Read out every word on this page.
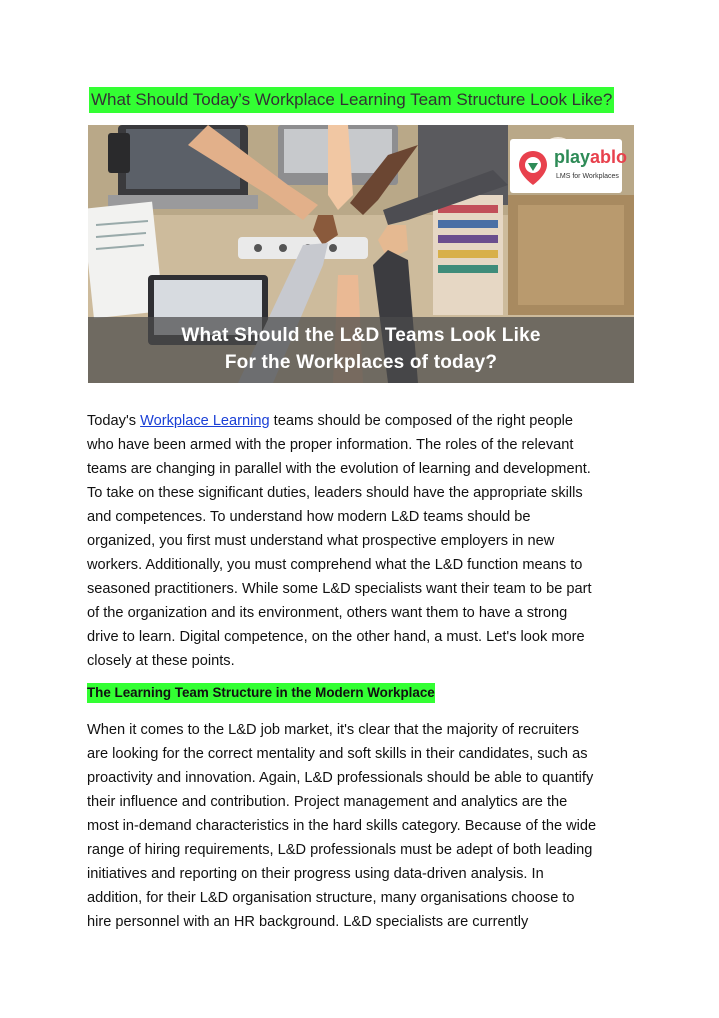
What Should Today’s Workplace Learning Team Structure Look Like?
playablo
LMS for Workplaces
What Should the L&D Teams Look Like
For the Workplaces of today?
Today's Workplace Learning teams should be composed of the right people
who have been armed with the proper information. The roles of the relevant
teams are changing in parallel with the evolution of learning and development.
To take on these significant duties, leaders should have the appropriate skills
and competences. To understand how modern L&D teams should be
organized, you first must understand what prospective employers in new
workers. Additionally, you must comprehend what the L&D function means to
seasoned practitioners. While some L&D specialists want their team to be part
of the organization and its environment, others want them to have a strong
drive to learn. Digital competence, on the other hand, a must. Let's look more
closely at these points.
The Learning Team Structure in the Modern Workplace
When it comes to the L&D job market, it's clear that the majority of recruiters
are looking for the correct mentality and soft skills in their candidates, such as
proactivity and innovation. Again, L&D professionals should be able to quantify
their influence and contribution. Project management and analytics are the
most in-demand characteristics in the hard skills category. Because of the wide
range of hiring requirements, L&D professionals must be adept of both leading
initiatives and reporting on their progress using data-driven analysis. In
addition, for their L&D organisation structure, many organisations choose to
hire personnel with an HR background. L&D specialists are currently
